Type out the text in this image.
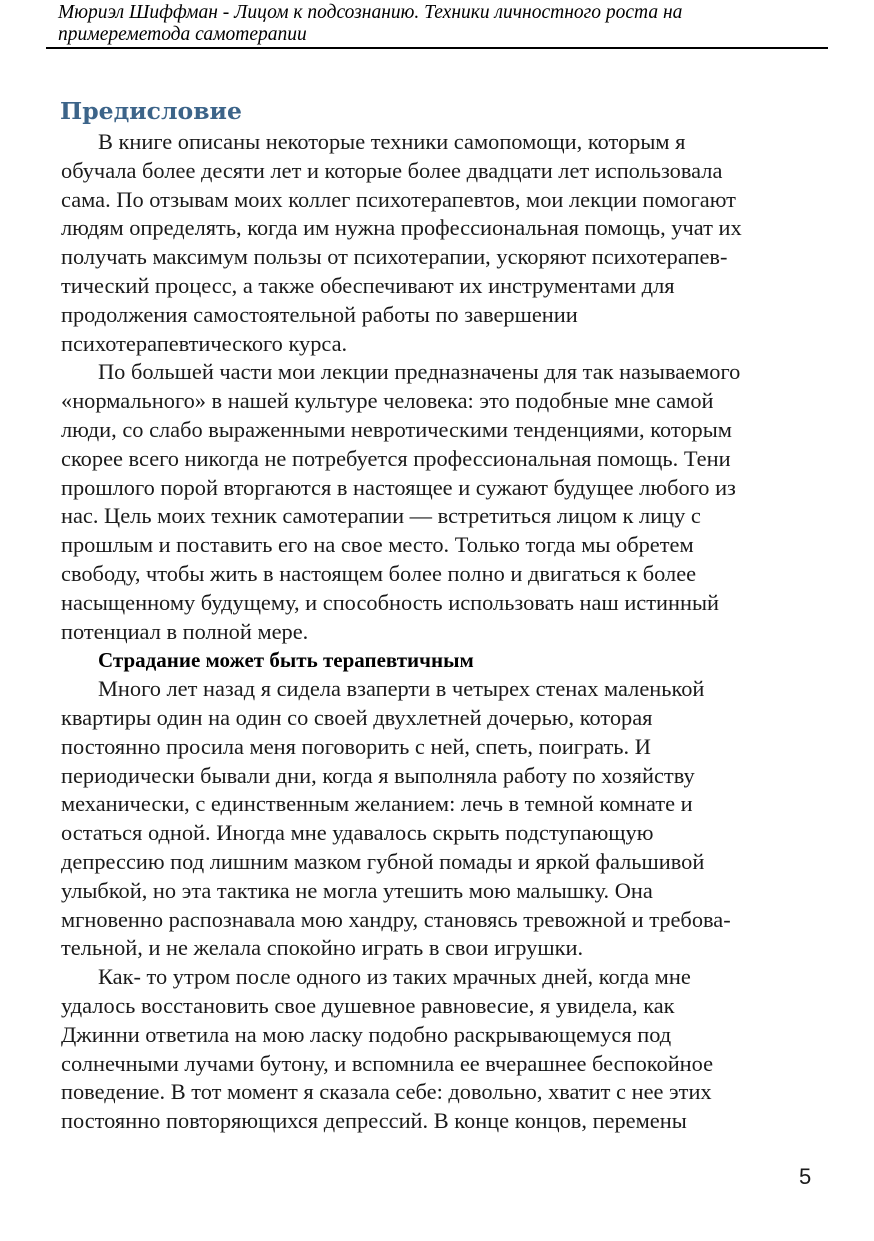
Мюриэл Шиффман - Лицом к подсознанию. Техники личностного роста на
примереметода самотерапии
Предисловие

В книге описаны некоторые техники самопомощи, которым я
обучала более десяти лет и которые более двадцати лет использовала
сама. По отзывам моих коллег психотерапевтов, мои лекции помогают
людям определять, когда им нужна профессиональная помощь, учат их
получать максимум пользы от психотерапии, ускоряют психотерапев-
тический процесс, а также обеспечивают их инструментами для
продолжения самостоятельной работы по завершении
психотерапевтического курса.

По большей части мои лекции предназначены для так называемого
«нормального» в нашей культуре человека: это подобные мне самой
люди, со слабо выраженными невротическими тенденциями, которым
скорее всего никогда не потребуется профессиональная помощь. Тени
прошлого порой вторгаются в настоящее и сужают будущее любого из
нас. Цель моих техник самотерапии — встретиться лицом к лицу с
прошлым и поставить его на свое место. Только тогда мы обретем
свободу, чтобы жить в настоящем более полно и двигаться к более
насыщенному будущему, и способность использовать наш истинный
потенциал в полной мере.

Страдание может быть терапевтичным

Много лет назад я сидела взаперти в четырех стенах маленькой
квартиры один на один со своей двухлетней дочерью, которая
постоянно просила меня поговорить с ней, спеть, поиграть. И
периодически бывали дни, когда я выполняла работу по хозяйству
механически, с единственным желанием: лечь в темной комнате и
остаться одной. Иногда мне удавалось скрыть подступающую
депрессию под лишним мазком губной помады и яркой фальшивой
улыбкой, но эта тактика не могла утешить мою малышку. Она
мгновенно распознавала мою хандру, становясь тревожной и требова-
тельной, и не желала спокойно играть в свои игрушки.

Как- то утром после одного из таких мрачных дней, когда мне
удалось восстановить свое душевное равновесие, я увидела, как
Джинни ответила на мою ласку подобно раскрывающемуся под
солнечными лучами бутону, и вспомнила ее вчерашнее беспокойное
поведение. В тот момент я сказала себе: довольно, хватит с нее этих
постоянно повторяющихся депрессий. В конце концов, перемены

5
